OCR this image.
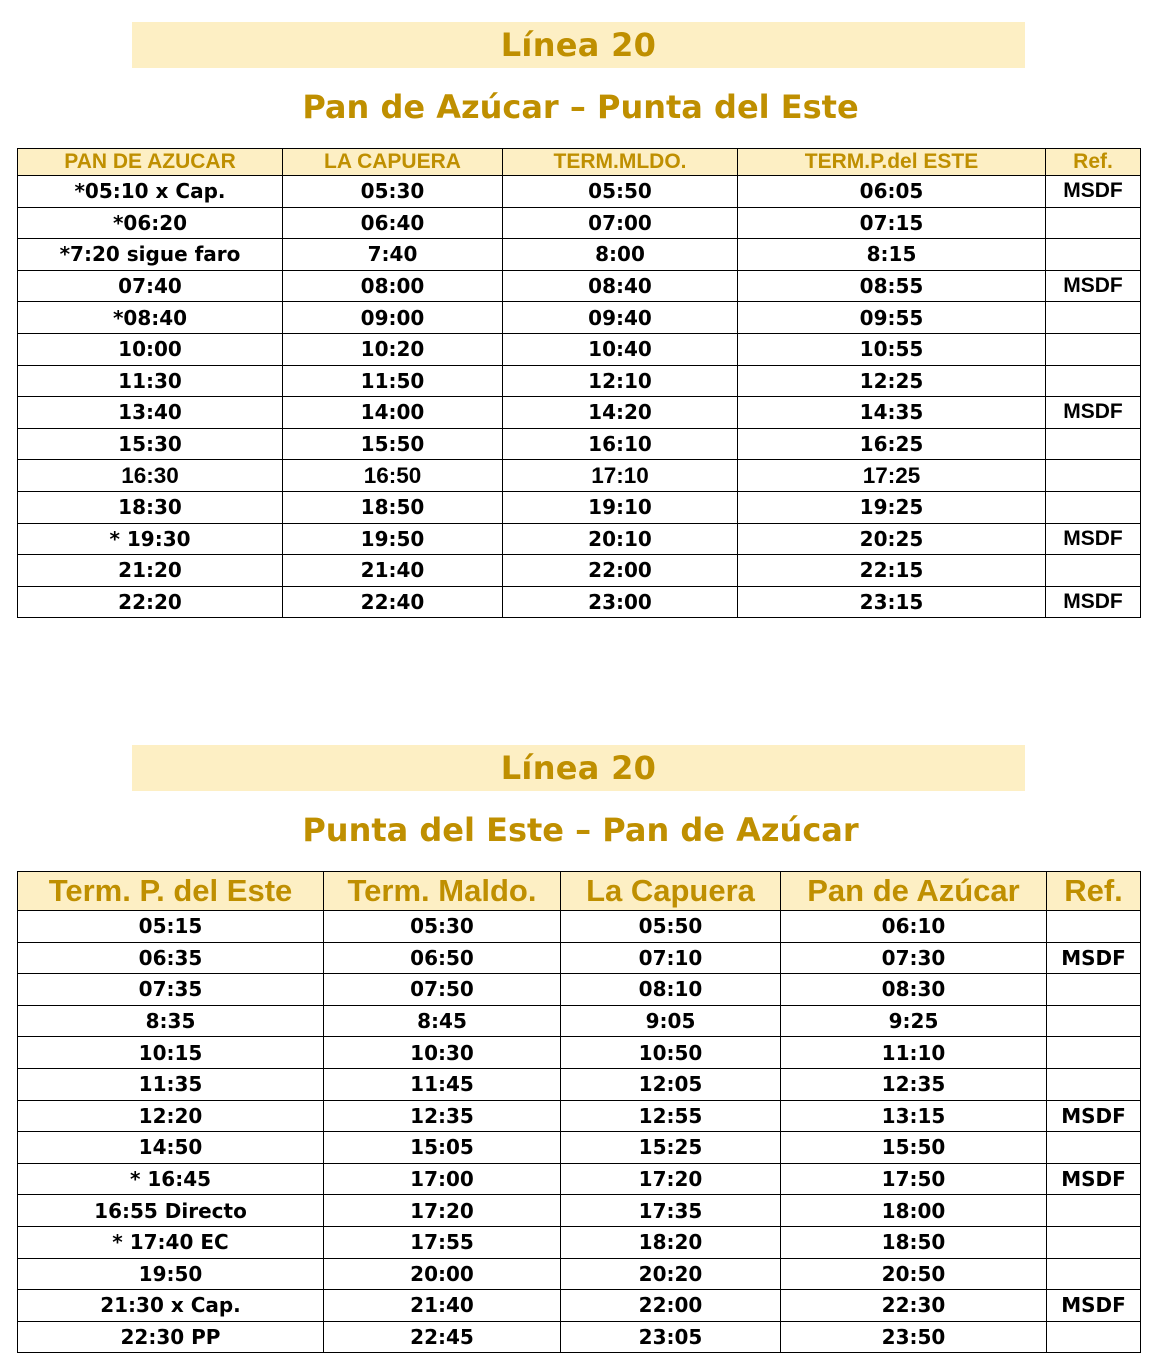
Línea 20
Pan de Azúcar – Punta del Este
PAN DE AZUCAR	LA CAPUERA	TERM.MLDO.	TERM.P.del ESTE	Ref.
*05:10 x Cap.	05:30	05:50	06:05	MSDF
*06:20	06:40	07:00	07:15	
*7:20 sigue faro	7:40	8:00	8:15	
07:40	08:00	08:40	08:55	MSDF
*08:40	09:00	09:40	09:55	
10:00	10:20	10:40	10:55	
11:30	11:50	12:10	12:25	
13:40	14:00	14:20	14:35	MSDF
15:30	15:50	16:10	16:25	
16:30	16:50	17:10	17:25	
18:30	18:50	19:10	19:25	
* 19:30	19:50	20:10	20:25	MSDF
21:20	21:40	22:00	22:15	
22:20	22:40	23:00	23:15	MSDF
Línea 20
Punta del Este – Pan de Azúcar
Term. P. del Este	Term. Maldo.	La Capuera	Pan de Azúcar	Ref.
05:15	05:30	05:50	06:10	
06:35	06:50	07:10	07:30	MSDF
07:35	07:50	08:10	08:30	
8:35	8:45	9:05	9:25	
10:15	10:30	10:50	11:10	
11:35	11:45	12:05	12:35	
12:20	12:35	12:55	13:15	MSDF
14:50	15:05	15:25	15:50	
* 16:45	17:00	17:20	17:50	MSDF
16:55 Directo	17:20	17:35	18:00	
* 17:40 EC	17:55	18:20	18:50	
19:50	20:00	20:20	20:50	
21:30 x Cap.	21:40	22:00	22:30	MSDF
22:30 PP	22:45	23:05	23:50	
